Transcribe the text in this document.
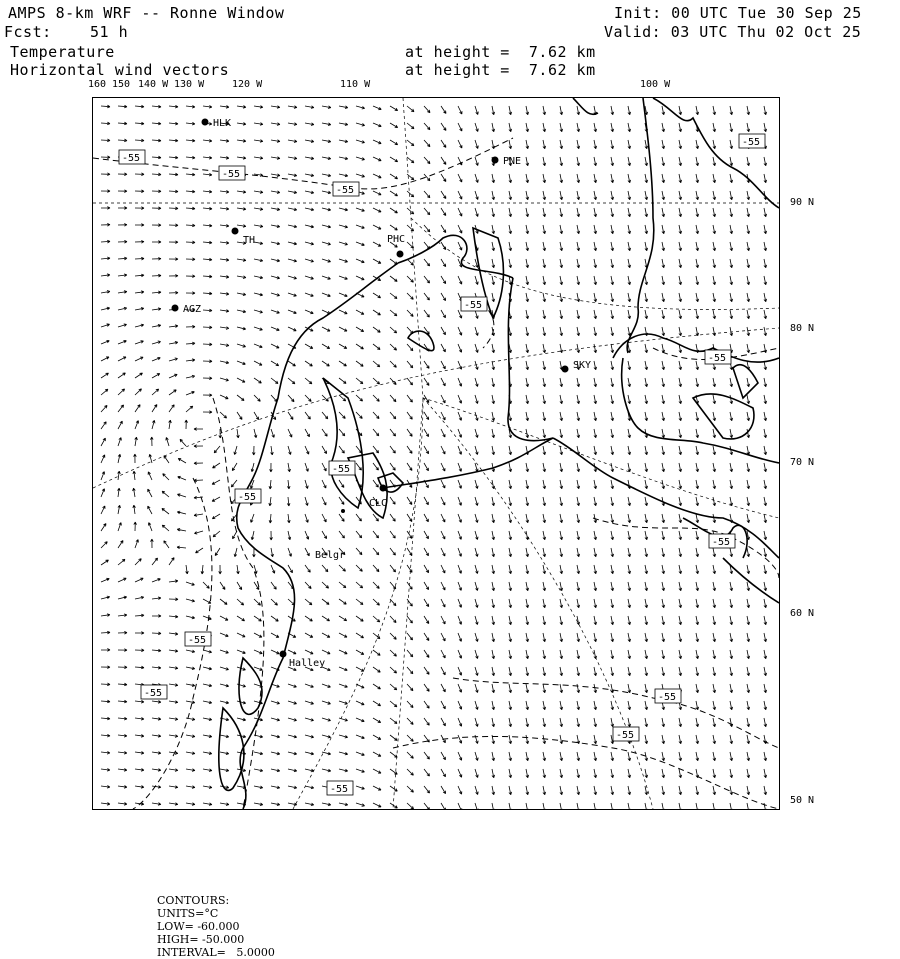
AMPS 8-km WRF -- Ronne Window	Init: 00 UTC Tue 30 Sep 25
Fcst:	51 h	Valid: 03 UTC Thu 02 Oct 25
Temperature	at height =  7.62 km
Horizontal wind vectors	at height =  7.62 km
160 150 140 W 130 W	120 W	110 W	100 W
90 N
80 N
70 N
60 N
50 N
HLK
PNE
TH	PHC
AGZ
SKY
CLC
Belgr
Halley
-55
-55
-55
-55
-55
-55
-55
-55
-55
-55
-55	-55
-55
-55

CONTOURS:
UNITS=°C
LOW= -60.000
HIGH= -50.000
INTERVAL=   5.0000
